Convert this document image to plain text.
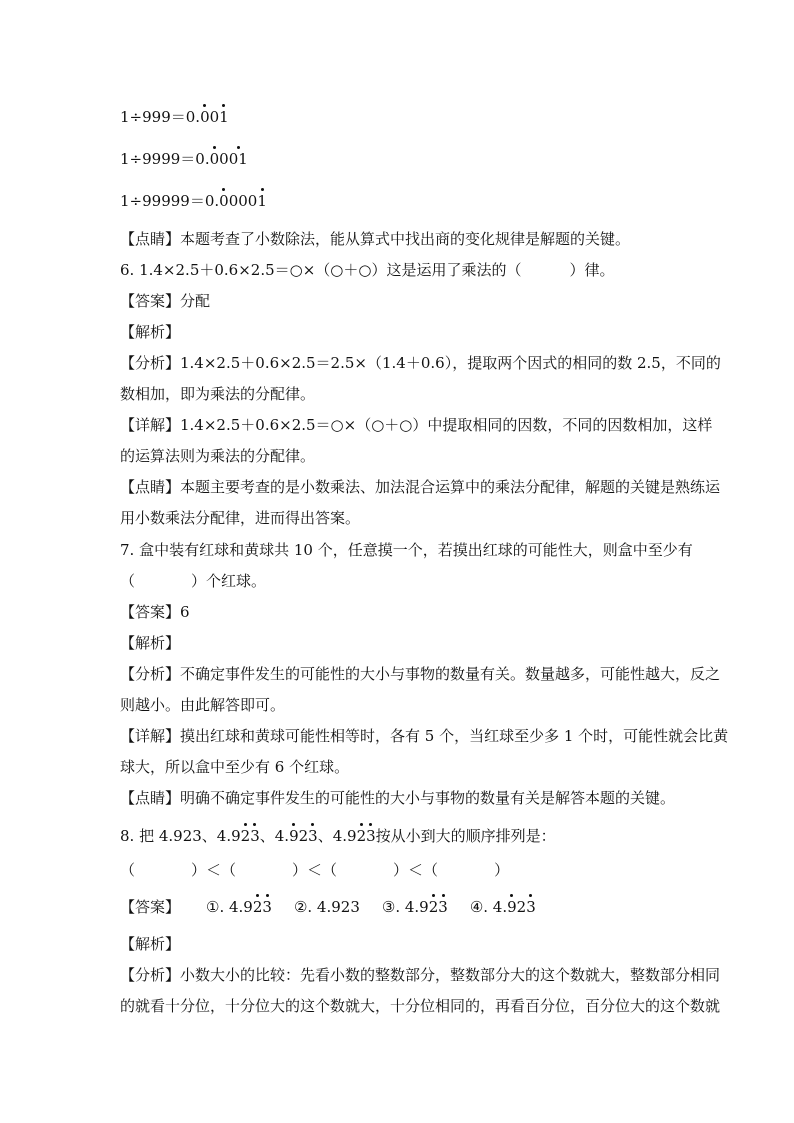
1÷999＝0.001
1÷9999＝0.0001
1÷99999＝0.00001
【点睛】本题考查了小数除法，能从算式中找出商的变化规律是解题的关键。
6. 1.4×2.5＋0.6×2.5＝○×（○＋○）这是运用了乘法的（	）律。
【答案】分配
【解析】
【分析】1.4×2.5＋0.6×2.5＝2.5×（1.4＋0.6），提取两个因式的相同的数 2.5，不同的
数相加，即为乘法的分配律。
【详解】1.4×2.5＋0.6×2.5＝○×（○＋○）中提取相同的因数，不同的因数相加，这样
的运算法则为乘法的分配律。
【点睛】本题主要考查的是小数乘法、加法混合运算中的乘法分配律，解题的关键是熟练运
用小数乘法分配律，进而得出答案。
7. 盒中装有红球和黄球共 10 个，任意摸一个，若摸出红球的可能性大，则盒中至少有
（	）个红球。
【答案】6
【解析】
【分析】不确定事件发生的可能性的大小与事物的数量有关。数量越多，可能性越大，反之
则越小。由此解答即可。
【详解】摸出红球和黄球可能性相等时，各有 5 个，当红球至少多 1 个时，可能性就会比黄
球大，所以盒中至少有 6 个红球。
【点睛】明确不确定事件发生的可能性的大小与事物的数量有关是解答本题的关键。
8. 把 4.923、4.923、4.923、4.923按从小到大的顺序排列是：
（	）＜（	）＜（	）＜（	）
【答案】 ①. 4.923 ②. 4.923 ③. 4.923 ④. 4.923
【解析】
【分析】小数大小的比较：先看小数的整数部分，整数部分大的这个数就大，整数部分相同
的就看十分位，十分位大的这个数就大，十分位相同的，再看百分位，百分位大的这个数就
